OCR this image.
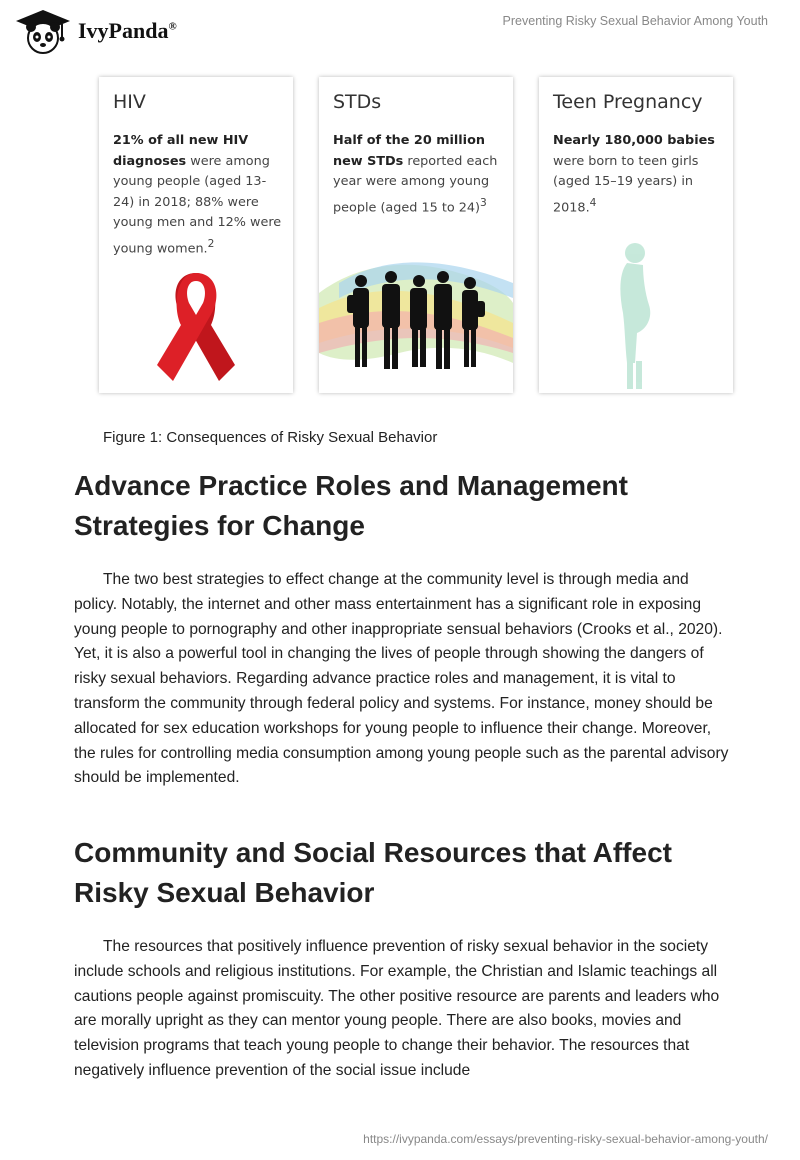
IvyPanda®	Preventing Risky Sexual Behavior Among Youth
HIV
21% of all new HIV diagnoses were among young people (aged 13-24) in 2018; 88% were young men and 12% were young women.$^2$
STDs
Half of the 20 million new STDs reported each year were among young people (aged 15 to 24)$^3$
Teen Pregnancy
Nearly 180,000 babies were born to teen girls (aged 15–19 years) in 2018.$^4$
Figure 1: Consequences of Risky Sexual Behavior
Advance Practice Roles and Management Strategies for Change

The two best strategies to effect change at the community level is through media and policy. Notably, the internet and other mass entertainment has a significant role in exposing young people to pornography and other inappropriate sensual behaviors (Crooks et al., 2020). Yet, it is also a powerful tool in changing the lives of people through showing the dangers of risky sexual behaviors. Regarding advance practice roles and management, it is vital to transform the community through federal policy and systems. For instance, money should be allocated for sex education workshops for young people to influence their change. Moreover, the rules for controlling media consumption among young people such as the parental advisory should be implemented.

Community and Social Resources that Affect Risky Sexual Behavior

The resources that positively influence prevention of risky sexual behavior in the society include schools and religious institutions. For example, the Christian and Islamic teachings all cautions people against promiscuity. The other positive resource are parents and leaders who are morally upright as they can mentor young people. There are also books, movies and television programs that teach young people to change their behavior. The resources that negatively influence prevention of the social issue include

https://ivypanda.com/essays/preventing-risky-sexual-behavior-among-youth/
